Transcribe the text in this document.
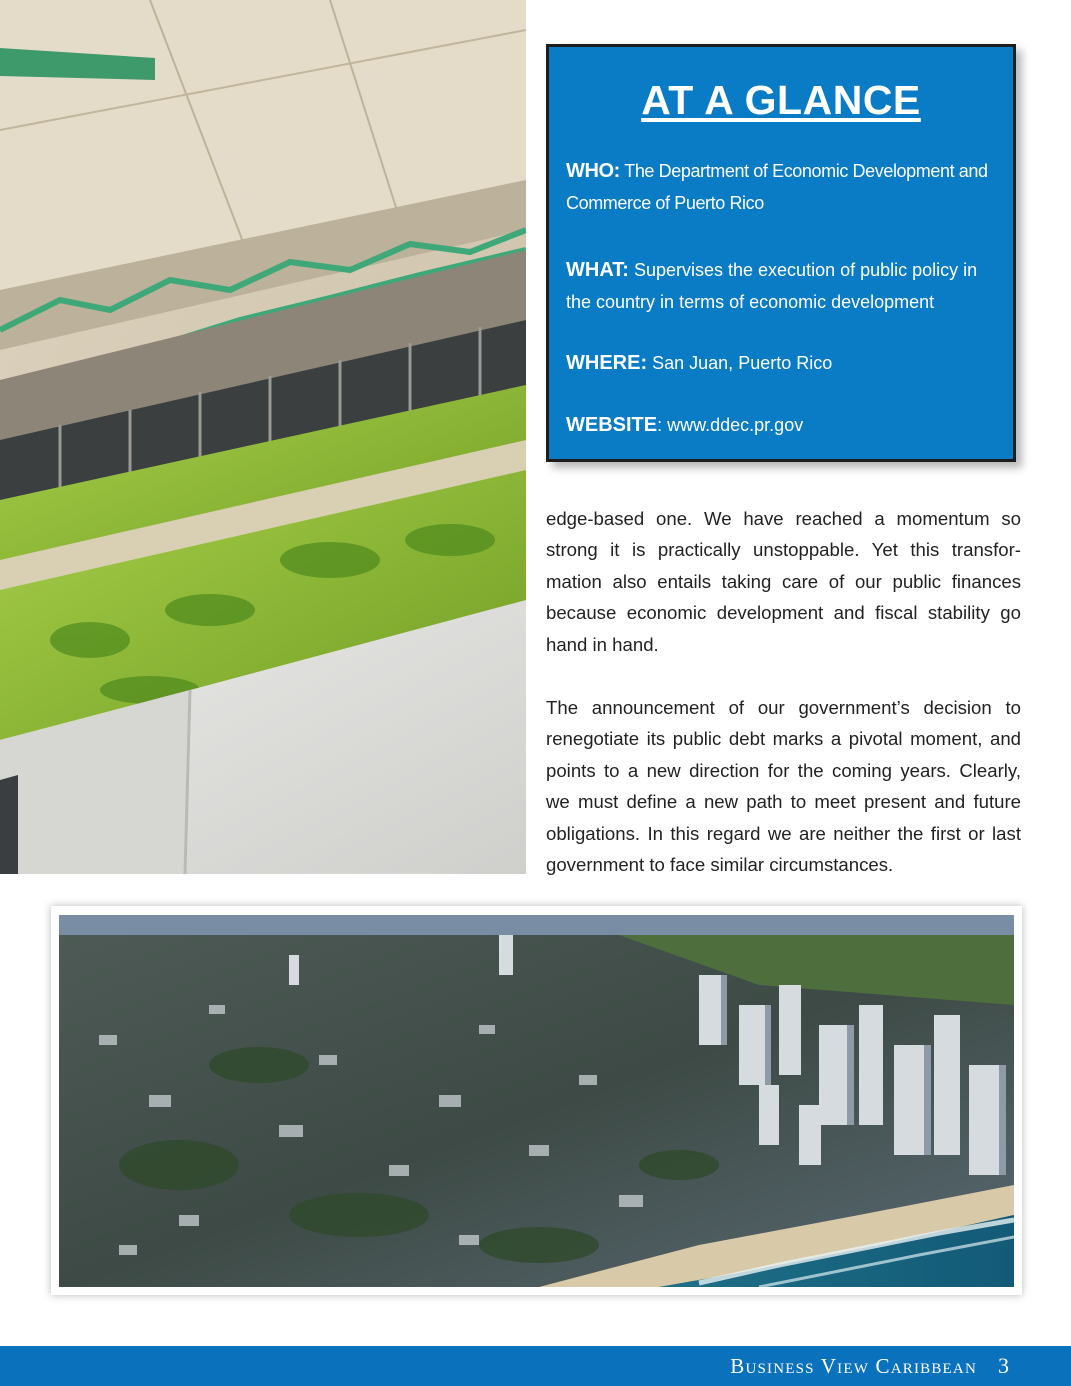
AT A GLANCE
WHO: The Department of Economic Development and Commerce of Puerto Rico
WHAT: Supervises the execution of public policy in the country in terms of economic development
WHERE: San Juan, Puerto Rico
WEBSITE: www.ddec.pr.gov

edge-based one. We have reached a momentum so strong it is practically unstoppable. Yet this transfor-mation also entails taking care of our public finances because economic development and fiscal stability go hand in hand.

The announcement of our government’s decision to renegotiate its public debt marks a pivotal moment, and points to a new direction for the coming years. Clearly, we must define a new path to meet present and future obligations. In this regard we are neither the first or last government to face similar circumstances.

Business View Caribbean 3
